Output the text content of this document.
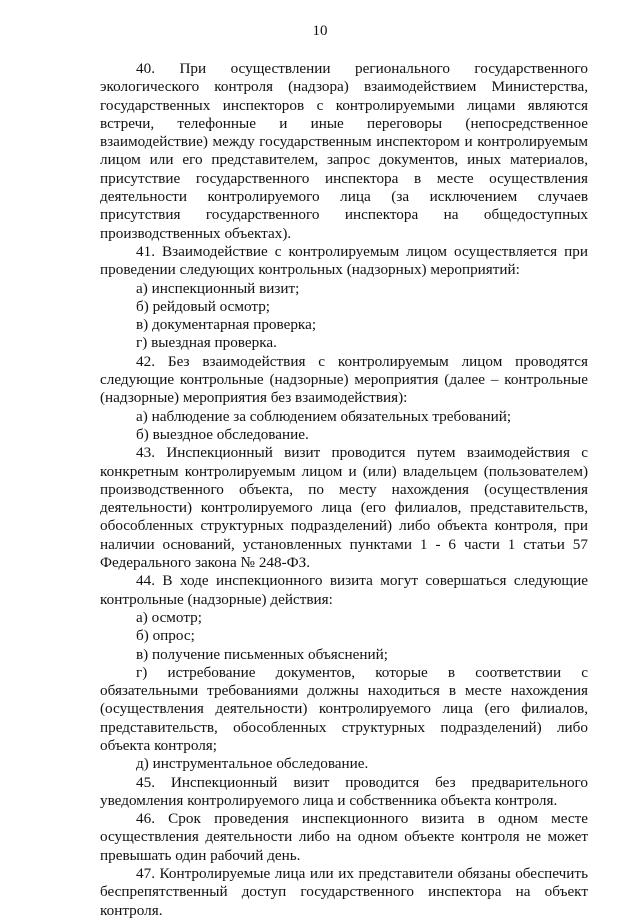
10

40. При осуществлении регионального государственного экологического контроля (надзора) взаимодействием Министерства, государственных инспекторов с контролируемыми лицами являются встречи, телефонные и иные переговоры (непосредственное взаимодействие) между государственным инспектором и контролируемым лицом или его представителем, запрос документов, иных материалов, присутствие государственного инспектора в месте осуществления деятельности контролируемого лица (за исключением случаев присутствия государственного инспектора на общедоступных производственных объектах).

41. Взаимодействие с контролируемым лицом осуществляется при проведении следующих контрольных (надзорных) мероприятий:

а) инспекционный визит;

б) рейдовый осмотр;

в) документарная проверка;

г) выездная проверка.

42. Без взаимодействия с контролируемым лицом проводятся следующие контрольные (надзорные) мероприятия (далее – контрольные (надзорные) мероприятия без взаимодействия):

а) наблюдение за соблюдением обязательных требований;

б) выездное обследование.

43. Инспекционный визит проводится путем взаимодействия с конкретным контролируемым лицом и (или) владельцем (пользователем) производственного объекта, по месту нахождения (осуществления деятельности) контролируемого лица (его филиалов, представительств, обособленных структурных подразделений) либо объекта контроля, при наличии оснований, установленных пунктами 1 - 6 части 1 статьи 57 Федерального закона № 248-ФЗ.

44. В ходе инспекционного визита могут совершаться следующие контрольные (надзорные) действия:

а) осмотр;

б) опрос;

в) получение письменных объяснений;

г) истребование документов, которые в соответствии с обязательными требованиями должны находиться в месте нахождения (осуществления деятельности) контролируемого лица (его филиалов, представительств, обособленных структурных подразделений) либо объекта контроля;

д) инструментальное обследование.

45. Инспекционный визит проводится без предварительного уведомления контролируемого лица и собственника объекта контроля.

46. Срок проведения инспекционного визита в одном месте осуществления деятельности либо на одном объекте контроля не может превышать один рабочий день.

47. Контролируемые лица или их представители обязаны обеспечить беспрепятственный доступ государственного инспектора на объект контроля.
